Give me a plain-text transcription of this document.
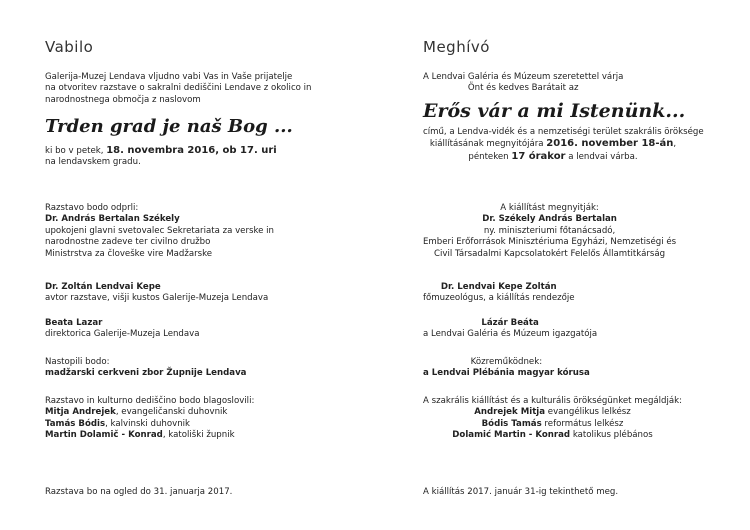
Vabilo

Galerija-Muzej Lendava vljudno vabi Vas in Vaše prijatelje
na otvoritev razstave o sakralni dediščini Lendave z okolico in
narodnostnega območja z naslovom

Trden grad je naš Bog ...

ki bo v petek, 18. novembra 2016, ob 17. uri
na lendavskem gradu.

Razstavo bodo odprli:
Dr. András Bertalan Székely
upokojeni glavni svetovalec Sekretariata za verske in
narodnostne zadeve ter civilno družbo
Ministrstva za človeške vire Madžarske

Dr. Zoltán Lendvai Kepe
avtor razstave, višji kustos Galerije-Muzeja Lendava

Beata Lazar
direktorica Galerije-Muzeja Lendava

Nastopili bodo:
madžarski cerkveni zbor Župnije Lendava

Razstavo in kulturno dediščino bodo blagoslovili:
Mitja Andrejek, evangeličanski duhovnik
Tamás Bódis, kalvinski duhovnik
Martin Dolamič - Konrad, katoliški župnik

Razstava bo na ogled do 31. januarja 2017.

Meghívó

A Lendvai Galéria és Múzeum szeretettel várja
Önt és kedves Barátait az

Erős vár a mi Istenünk...

című, a Lendva-vidék és a nemzetiségi terület szakrális öröksége
kiállításának megnyitójára 2016. november 18-án,
pénteken 17 órakor a lendvai várba.

A kiállítást megnyitják:
Dr. Székely András Bertalan
ny. miniszteriumi főtanácsadó,
Emberi Erőforrások Minisztériuma Egyházi, Nemzetiségi és
Civil Társadalmi Kapcsolatokért Felelős Államtitkárság

Dr. Lendvai Kepe Zoltán
főmuzeológus, a kiállítás rendezője

Lázár Beáta
a Lendvai Galéria és Múzeum igazgatója

Közreműködnek:
a Lendvai Plébánia magyar kórusa

A szakrális kiállítást és a kulturális örökségünket megáldják:
Andrejek Mitja evangélikus lelkész
Bódis Tamás református lelkész
Dolamić Martin - Konrad katolikus plébános

A kiállítás 2017. január 31-ig tekinthető meg.
